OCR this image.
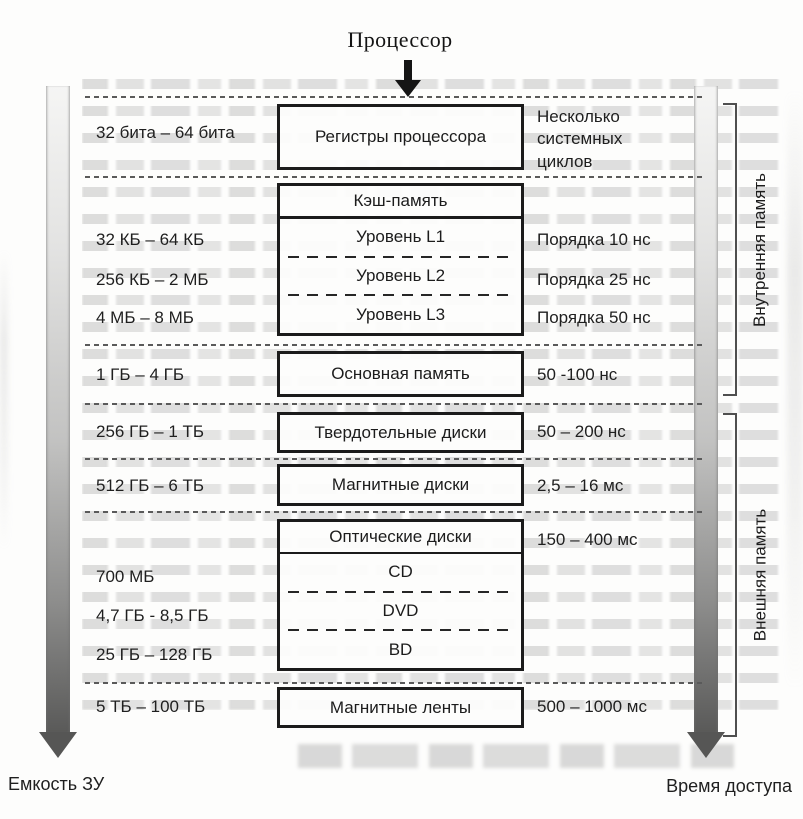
Процессор
32 бита – 64 бита
32 КБ – 64 КБ
256 КБ – 2 МБ
4 МБ – 8 МБ
1 ГБ – 4 ГБ
256 ГБ – 1 ТБ
512 ГБ – 6 ТБ
700 МБ
4,7 ГБ - 8,5 ГБ
25 ГБ – 128 ГБ
5 ТБ – 100 ТБ
Регистры процессора
Кэш-память
Уровень L1
Уровень L2
Уровень L3
Основная память
Твердотельные диски
Магнитные диски
Оптические диски
CD
DVD
BD
Магнитные ленты
Несколько системных циклов
Порядка 10 нс
Порядка 25 нс
Порядка 50 нс
50 -100 нс
50 – 200 нс
2,5 – 16 мс
150 – 400 мс
500 – 1000 мс
Внутренняя память
Внешняя память
Емкость ЗУ	Время доступа
